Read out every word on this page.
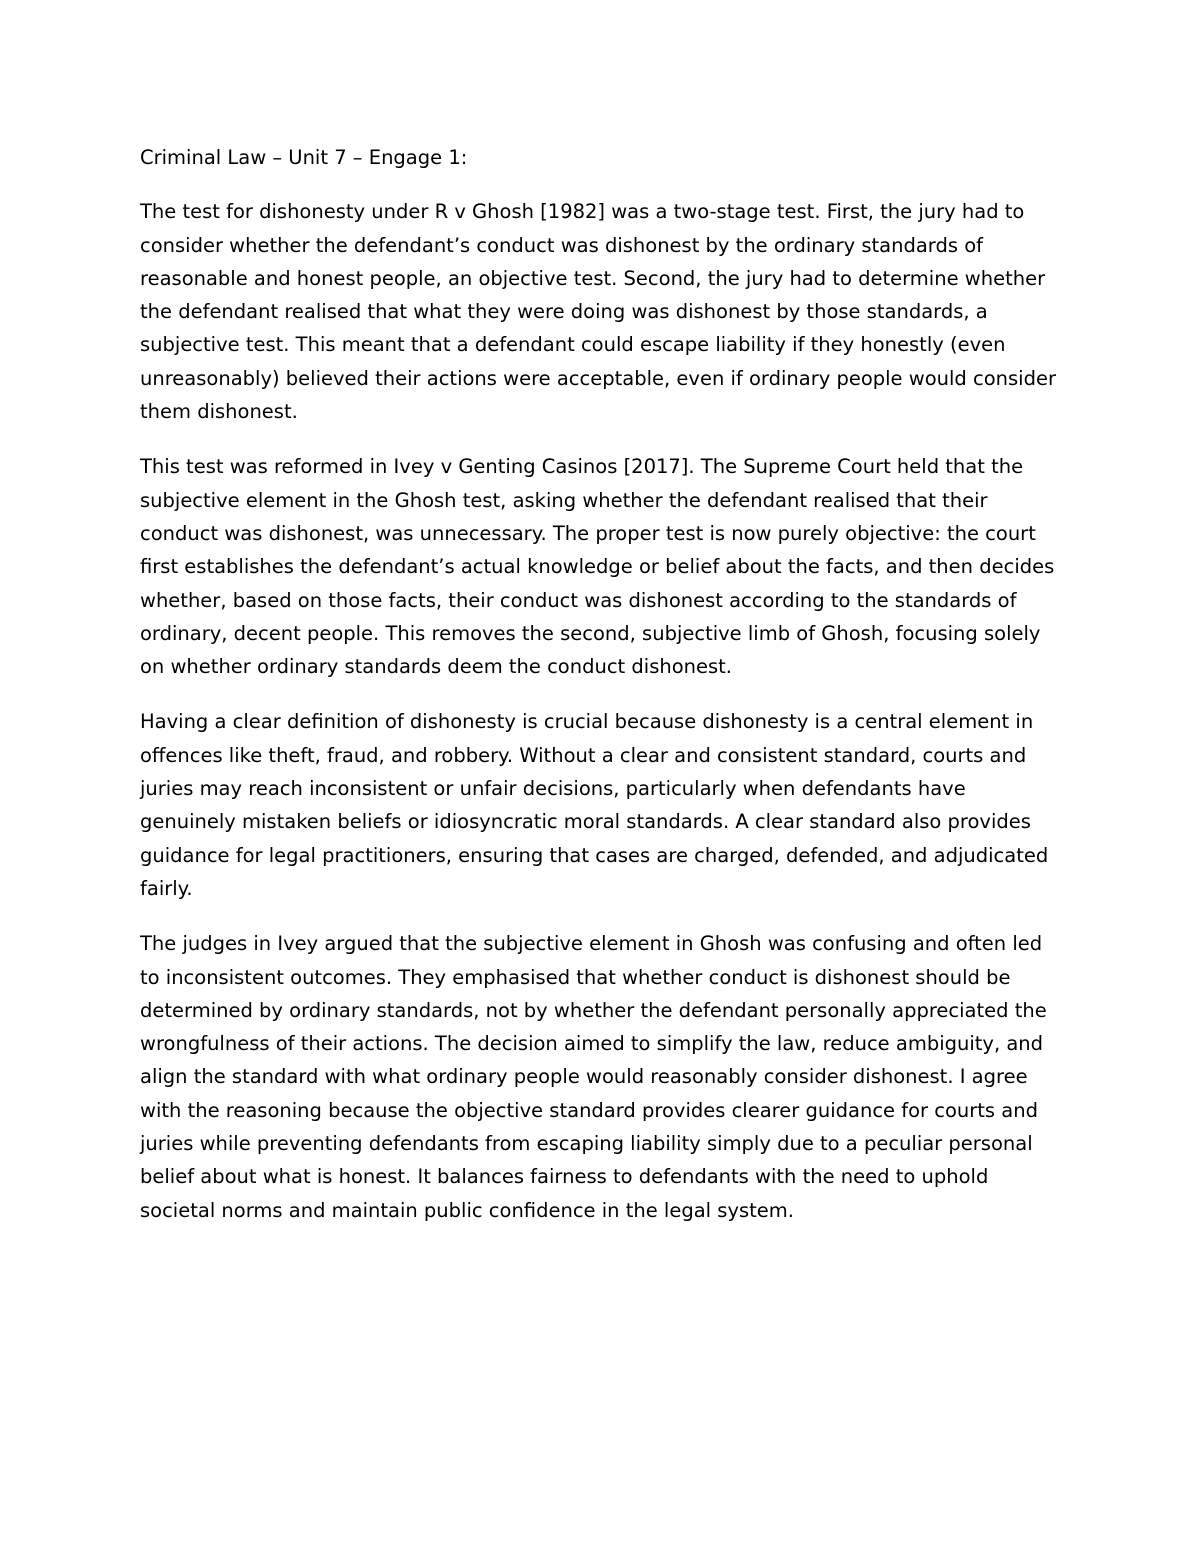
Criminal Law – Unit 7 – Engage 1:

The test for dishonesty under R v Ghosh [1982] was a two-stage test. First, the jury had to consider whether the defendant’s conduct was dishonest by the ordinary standards of reasonable and honest people, an objective test. Second, the jury had to determine whether the defendant realised that what they were doing was dishonest by those standards, a subjective test. This meant that a defendant could escape liability if they honestly (even unreasonably) believed their actions were acceptable, even if ordinary people would consider them dishonest.

This test was reformed in Ivey v Genting Casinos [2017]. The Supreme Court held that the subjective element in the Ghosh test, asking whether the defendant realised that their conduct was dishonest, was unnecessary. The proper test is now purely objective: the court first establishes the defendant’s actual knowledge or belief about the facts, and then decides whether, based on those facts, their conduct was dishonest according to the standards of ordinary, decent people. This removes the second, subjective limb of Ghosh, focusing solely on whether ordinary standards deem the conduct dishonest.

Having a clear definition of dishonesty is crucial because dishonesty is a central element in offences like theft, fraud, and robbery. Without a clear and consistent standard, courts and juries may reach inconsistent or unfair decisions, particularly when defendants have genuinely mistaken beliefs or idiosyncratic moral standards. A clear standard also provides guidance for legal practitioners, ensuring that cases are charged, defended, and adjudicated fairly.

The judges in Ivey argued that the subjective element in Ghosh was confusing and often led to inconsistent outcomes. They emphasised that whether conduct is dishonest should be determined by ordinary standards, not by whether the defendant personally appreciated the wrongfulness of their actions. The decision aimed to simplify the law, reduce ambiguity, and align the standard with what ordinary people would reasonably consider dishonest. I agree with the reasoning because the objective standard provides clearer guidance for courts and juries while preventing defendants from escaping liability simply due to a peculiar personal belief about what is honest. It balances fairness to defendants with the need to uphold societal norms and maintain public confidence in the legal system.
